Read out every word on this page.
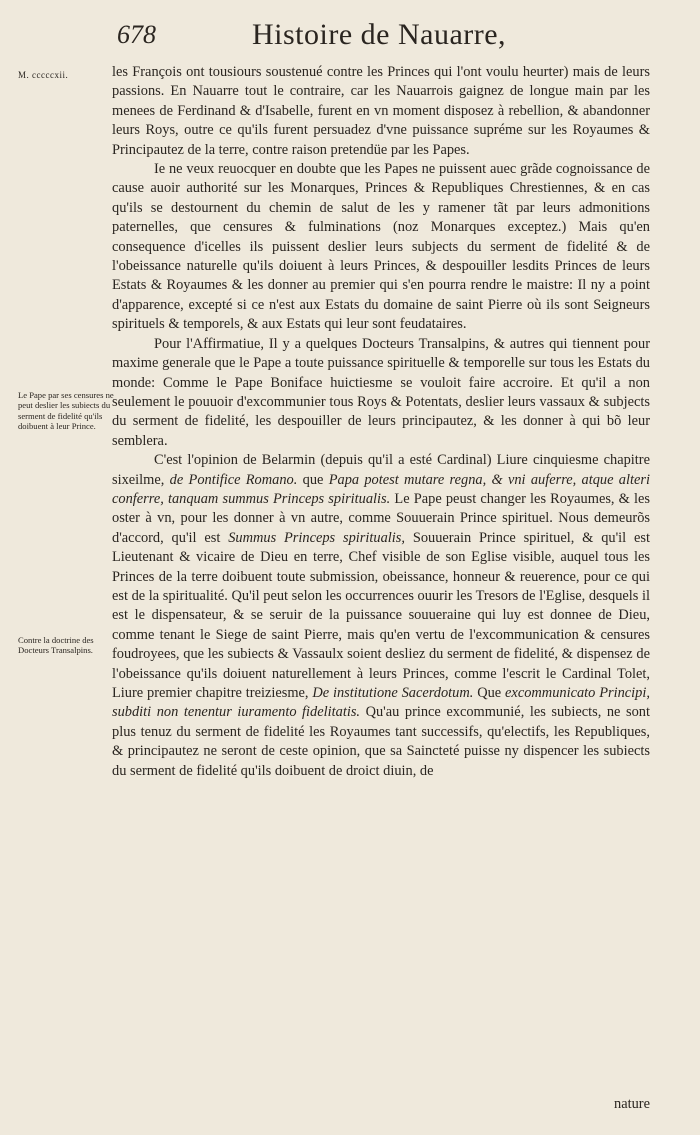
678	Histoire de Nauarre,
M. cccccxii.
Le Pape par ses censures ne peut deslier les subiects du serment de fidelité qu'ils doibuent à leur Prince.
Contre la doctrine des Docteurs Transalpins.

les François ont tousiours soustenué contre les Princes qui l'ont voulu heurter) mais de leurs passions. En Nauarre tout le contraire, car les Nauarrois gaignez de longue main par les menees de Ferdinand & d'Isabelle, furent en vn moment disposez à rebellion, & abandonner leurs Roys, outre ce qu'ils furent persuadez d'vne puissance supréme sur les Royaumes & Principautez de la terre, contre raison pretendüe par les Papes.

Ie ne veux reuocquer en doubte que les Papes ne puissent auec grãde cognoissance de cause auoir authorité sur les Monarques, Princes & Republiques Chrestiennes, & en cas qu'ils se destournent du chemin de salut de les y ramener tãt par leurs admonitions paternelles, que censures & fulminations (noz Monarques exceptez.) Mais qu'en consequence d'icelles ils puissent deslier leurs subjects du serment de fidelité & de l'obeissance naturelle qu'ils doiuent à leurs Princes, & despouiller lesdits Princes de leurs Estats & Royaumes & les donner au premier qui s'en pourra rendre le maistre: Il ny a point d'apparence, excepté si ce n'est aux Estats du domaine de saint Pierre où ils sont Seigneurs spirituels & temporels, & aux Estats qui leur sont feudataires.

Pour l'Affirmatiue, Il y a quelques Docteurs Transalpins, & autres qui tiennent pour maxime generale que le Pape a toute puissance spirituelle & temporelle sur tous les Estats du monde: Comme le Pape Boniface huictiesme se vouloit faire accroire. Et qu'il a non seulement le pouuoir d'excommunier tous Roys & Potentats, deslier leurs vassaux & subjects du serment de fidelité, les despouiller de leurs principautez, & les donner à qui bõ leur semblera.

C'est l'opinion de Belarmin (depuis qu'il a esté Cardinal) Liure cinquiesme chapitre sixeilme, de Pontifice Romano. que Papa potest mutare regna, & vni auferre, atque alteri conferre, tanquam summus Princeps spiritualis. Le Pape peust changer les Royaumes, & les oster à vn, pour les donner à vn autre, comme Souuerain Prince spirituel. Nous demeurõs d'accord, qu'il est Summus Princeps spiritualis, Souuerain Prince spirituel, & qu'il est Lieutenant & vicaire de Dieu en terre, Chef visible de son Eglise visible, auquel tous les Princes de la terre doibuent toute submission, obeissance, honneur & reuerence, pour ce qui est de la spiritualité. Qu'il peut selon les occurrences ouurir les Tresors de l'Eglise, desquels il est le dispensateur, & se seruir de la puissance souueraine qui luy est donnee de Dieu, comme tenant le Siege de saint Pierre, mais qu'en vertu de l'excommunication & censures foudroyees, que les subiects & Vassaulx soient desliez du serment de fidelité, & dispensez de l'obeissance qu'ils doiuent naturellement à leurs Princes, comme l'escrit le Cardinal Tolet, Liure premier chapitre treiziesme, De institutione Sacerdotum. Que excommunicato Principi, subditi non tenentur iuramento fidelitatis. Qu'au prince excommunié, les subiects, ne sont plus tenuz du serment de fidelité les Royaumes tant successifs, qu'electifs, les Republiques, & principautez ne seront de ceste opinion, que sa Saincteté puisse ny dispencer les subiects du serment de fidelité qu'ils doibuent de droict diuin, de

nature
